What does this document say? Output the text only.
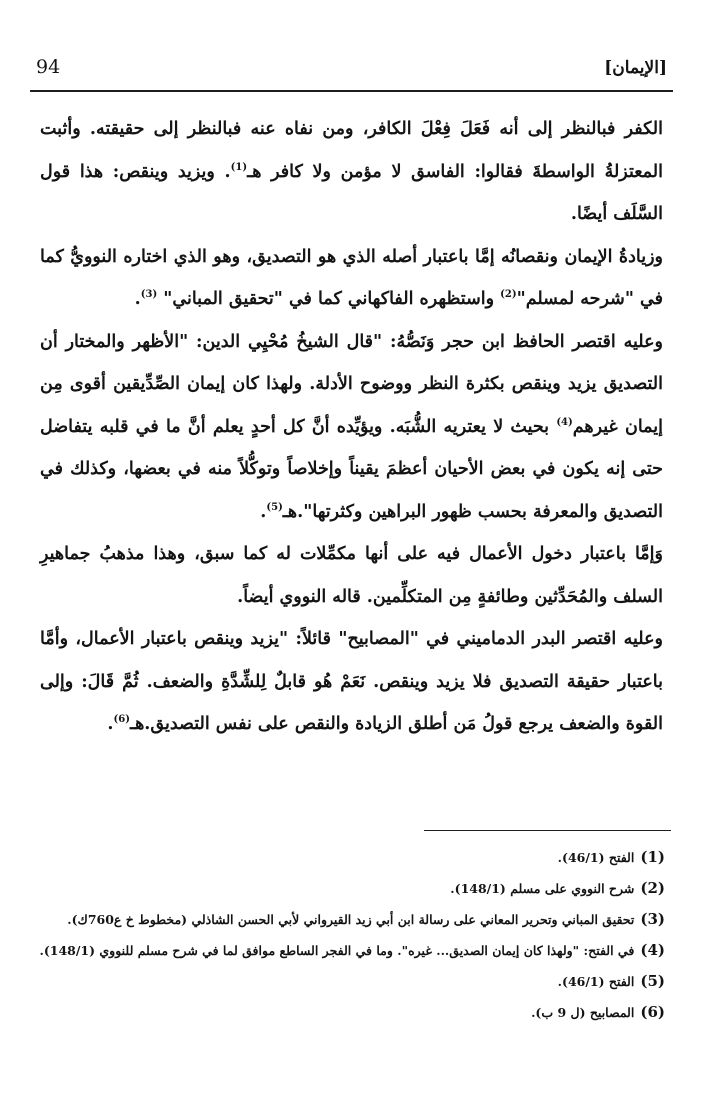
94	[الإيمان]

الكفر فبالنظر إلى أنه فَعَلَ فِعْلَ الكافر، ومن نفاه عنه فبالنظر إلى حقيقته. وأثبت المعتزلةُ الواسطةَ فقالوا: الفاسق لا مؤمن ولا كافر هـ$^{(1)}$. ويزيد وينقص: هذا قول السَّلَف أيضًا.

وزيادةُ الإيمان ونقصانُه إمَّا باعتبار أصله الذي هو التصديق، وهو الذي اختاره النوويُّ كما في "شرحه لمسلم"$^{(2)}$ واستظهره الفاكهاني كما في "تحقيق المباني" $^{(3)}$.

وعليه اقتصر الحافظ ابن حجر وَنَصُّهُ: "قال الشيخُ مُحْيِي الدين: "الأظهر والمختار أن التصديق يزيد وينقص بكثرة النظر ووضوح الأدلة. ولهذا كان إيمان الصِّدِّيقين أقوى مِن إيمان غيرهم$^{(4)}$ بحيث لا يعتريه الشُّبَه. ويؤيِّده أنَّ كل أحدٍ يعلم أنَّ ما في قلبه يتفاضل حتى إنه يكون في بعض الأحيان أعظمَ يقيناً وإخلاصاً وتوكُّلاً منه في بعضها، وكذلك في التصديق والمعرفة بحسب ظهور البراهين وكثرتها".هـ$^{(5)}$.

وَإمَّا باعتبار دخول الأعمال فيه على أنها مكمِّلات له كما سبق، وهذا مذهبُ جماهيرِ السلف والمُحَدِّثين وطائفةٍ مِن المتكلِّمين. قاله النووي أيضاً.

وعليه اقتصر البدر الدماميني في "المصابيح" قائلاً: "يزيد وينقص باعتبار الأعمال، وأمَّا باعتبار حقيقة التصديق فلا يزيد وينقص. نَعَمْ هُو قابلٌ لِلشِّدَّةِ والضعف. ثُمَّ قَالَ: وإلى القوة والضعف يرجع قولُ مَن أطلق الزيادة والنقص على نفس التصديق.هـ$^{(6)}$.

(1)الفتح (46/1).
(2)شرح النووي على مسلم (148/1).
(3)تحقيق المباني وتحرير المعاني على رسالة ابن أبي زيد القيرواني لأبي الحسن الشاذلي (مخطوط خ ع760ك).
(4)في الفتح: "ولهذا كان إيمان الصديق... غيره". وما في الفجر الساطع موافق لما في شرح مسلم للنووي (148/1).
(5)الفتح (46/1).
(6)المصابيح (ل 9 ب).
